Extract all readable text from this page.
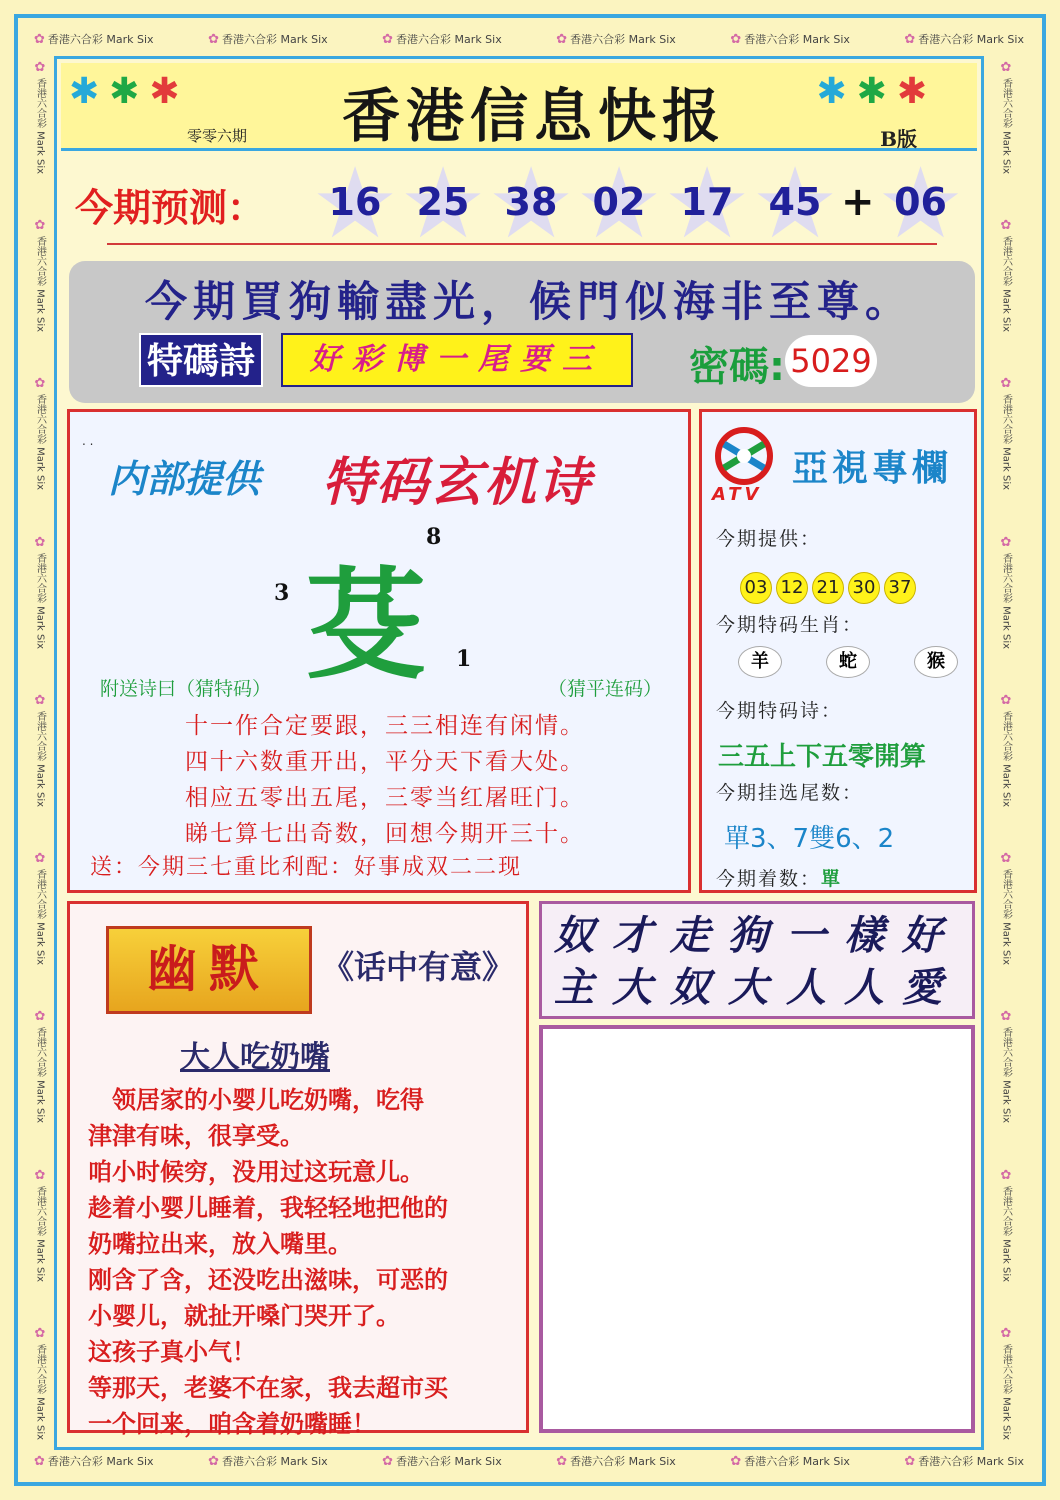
✿ 香港六合彩 Mark Six	✿ 香港六合彩 Mark Six	✿ 香港六合彩 Mark Six	✿ 香港六合彩 Mark Six	✿ 香港六合彩 Mark Six	✿ 香港六合彩 Mark Six
✿ 香港六合彩 Mark Six	✿ 香港六合彩 Mark Six	✿ 香港六合彩 Mark Six	✿ 香港六合彩 Mark Six	✿ 香港六合彩 Mark Six	✿ 香港六合彩 Mark Six
✿
香港六合彩 Mark Six
✿
香港六合彩 Mark Six
✿
香港六合彩 Mark Six
✿
香港六合彩 Mark Six
✿
香港六合彩 Mark Six
✿
香港六合彩 Mark Six
✿
香港六合彩 Mark Six
✿
香港六合彩 Mark Six
✿
香港六合彩 Mark Six
✿
香港六合彩 Mark Six
✿
香港六合彩 Mark Six
✿
香港六合彩 Mark Six
✿
香港六合彩 Mark Six
✿
香港六合彩 Mark Six
✿
香港六合彩 Mark Six
✿
香港六合彩 Mark Six
✿
香港六合彩 Mark Six
✿
香港六合彩 Mark Six
✱✱✱	香港信息快报
零零六期
✱✱✱
B版
今期预测： ★ 16 ★ 25 ★ 38 ★ 02 ★ 17 ★ 45 + ★ 06
今期買狗輸盡光，候門似海非至尊。
特碼詩	好彩博一尾要三	密碼: 5029
. .
内部提供 特码玄机诗
芟
3
8
1
附送诗曰（猜特码）	（猜平连码）
十一作合定要跟，三三相连有闲情。
四十六数重开出，平分天下看大处。
相应五零出五尾，三零当红屠旺门。
睇七算七出奇数，回想今期开三十。
送：今期三七重比利配：好事成双二二现
ATV
亞視專欄
今期提供：
03 12 21 30 37
今期特码生肖：
羊	蛇	猴
今期特码诗：
三五上下五零開算
今期挂选尾数：
單3、7雙6、2
今期着数：單
幽默	《话中有意》
大人吃奶嘴
　领居家的小婴儿吃奶嘴，吃得
津津有味，很享受。
咱小时候穷，没用过这玩意儿。
趁着小婴儿睡着，我轻轻地把他的
奶嘴拉出来，放入嘴里。
刚含了含，还没吃出滋味，可恶的
小婴儿，就扯开嗓门哭开了。
这孩子真小气！
等那天，老婆不在家，我去超市买
一个回来，咱含着奶嘴睡！
奴才走狗一樣好
主大奴大人人愛
